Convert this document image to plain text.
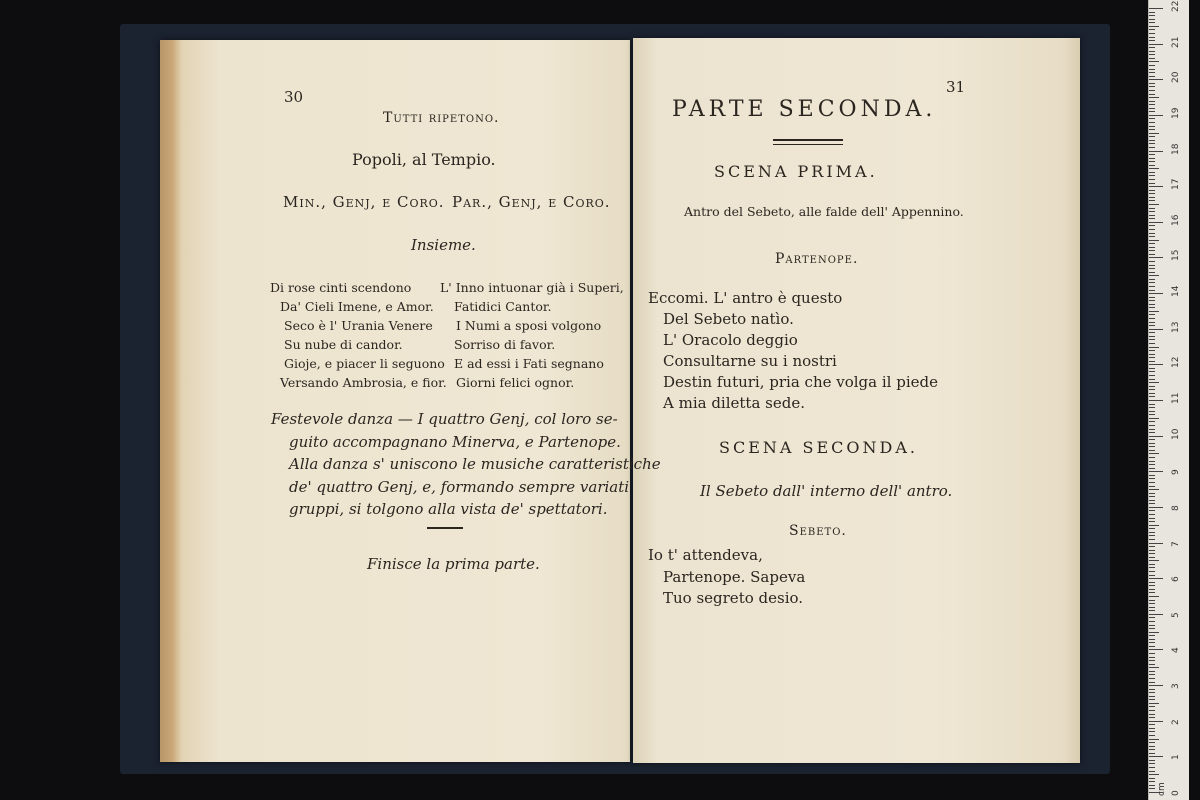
30
Tutti ripetono.
Popoli, al Tempio.
Min., Genj, e Coro. Par., Genj, e Coro.
Insieme.
Di rose cinti scendono
Da' Cieli Imene, e Amor.
Seco è l' Urania Venere
Su nube di candor.
Gioje, e piacer li seguono
Versando Ambrosia, e fior.
L' Inno intuonar già i Superi,
Fatidici Cantor.
I Numi a sposi volgono
Sorriso di favor.
E ad essi i Fati segnano
Giorni felici ognor.
Festevole danza — I quattro Genj, col loro se-
guito accompagnano Minerva, e Partenope.
Alla danza s' uniscono le musiche caratteristiche
de' quattro Genj, e, formando sempre variati
gruppi, si tolgono alla vista de' spettatori.
Finisce la prima parte.
31
PARTE SECONDA.
SCENA PRIMA.
Antro del Sebeto, alle falde dell' Appennino.
Partenope.
Eccomi. L' antro è questo
Del Sebeto natìo.
L' Oracolo deggio
Consultarne su i nostri
Destin futuri, pria che volga il piede
A mia diletta sede.
SCENA SECONDA.
Il Sebeto dall' interno dell' antro.
Sebeto.
Io t' attendeva,
Partenope. Sapeva
Tuo segreto desio.
0
1
2
3
4
5
6
7
8
9
10
11
12
13
14
15
16
17
18
19
20
21
22
cm
